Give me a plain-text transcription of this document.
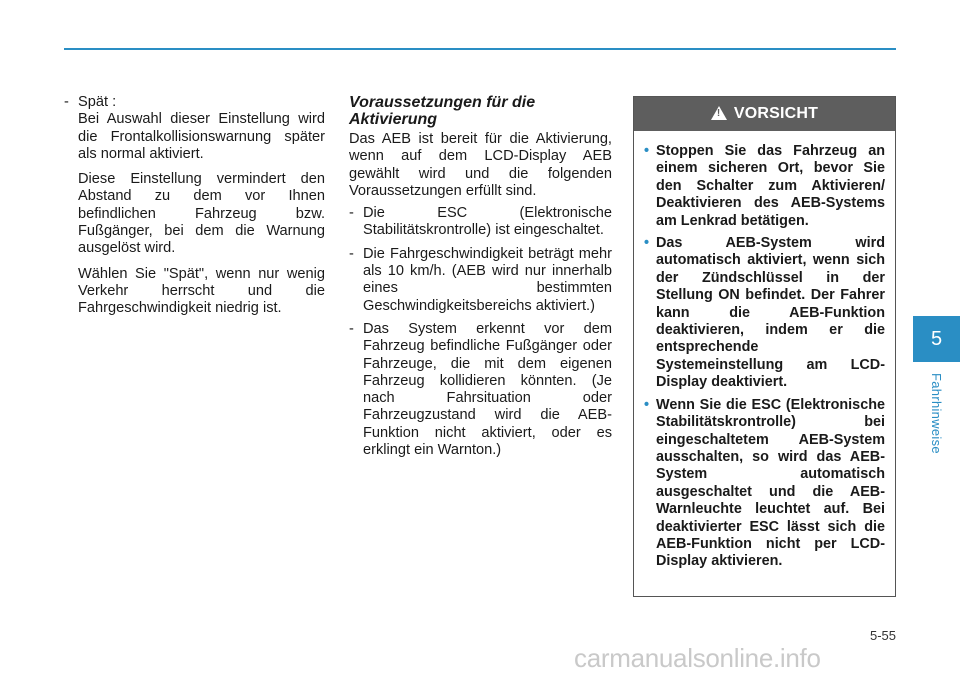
- Spät :

Bei Auswahl dieser Einstellung wird die Frontalkollisionswarnung später als normal aktiviert.

Diese Einstellung vermindert den Abstand zu dem vor Ihnen befindlichen Fahrzeug bzw. Fußgänger, bei dem die Warnung ausgelöst wird.

Wählen Sie "Spät", wenn nur wenig Verkehr herrscht und die Fahrgeschwindigkeit niedrig ist.

Voraussetzungen für die Aktivierung

Das AEB ist bereit für die Aktivierung, wenn auf dem LCD-Display AEB gewählt wird und die folgenden Voraussetzungen erfüllt sind.

- Die ESC (Elektronische Stabilitätskrontrolle) ist eingeschaltet.
- Die Fahrgeschwindigkeit beträgt mehr als 10 km/h. (AEB wird nur innerhalb eines bestimmten Geschwindigkeitsbereichs aktiviert.)
- Das System erkennt vor dem Fahrzeug befindliche Fußgänger oder Fahrzeuge, die mit dem eigenen Fahrzeug kollidieren könnten. (Je nach Fahrsituation oder Fahrzeugzustand wird die AEB-Funktion nicht aktiviert, oder es erklingt ein Warnton.)
! VORSICHT
• Stoppen Sie das Fahrzeug an einem sicheren Ort, bevor Sie den Schalter zum Aktivieren/ Deaktivieren des AEB-Systems am Lenkrad betätigen.
• Das AEB-System wird automatisch aktiviert, wenn sich der Zündschlüssel in der Stellung ON befindet. Der Fahrer kann die AEB-Funktion deaktivieren, indem er die entsprechende Systemeinstellung am LCD-Display deaktiviert.
• Wenn Sie die ESC (Elektronische Stabilitätskrontrolle) bei eingeschaltetem AEB-System ausschalten, so wird das AEB-System automatisch ausgeschaltet und die AEB-Warnleuchte leuchtet auf. Bei deaktivierter ESC lässt sich die AEB-Funktion nicht per LCD-Display aktivieren.
5
Fahrhinweise
5-55
carmanualsonline.info
